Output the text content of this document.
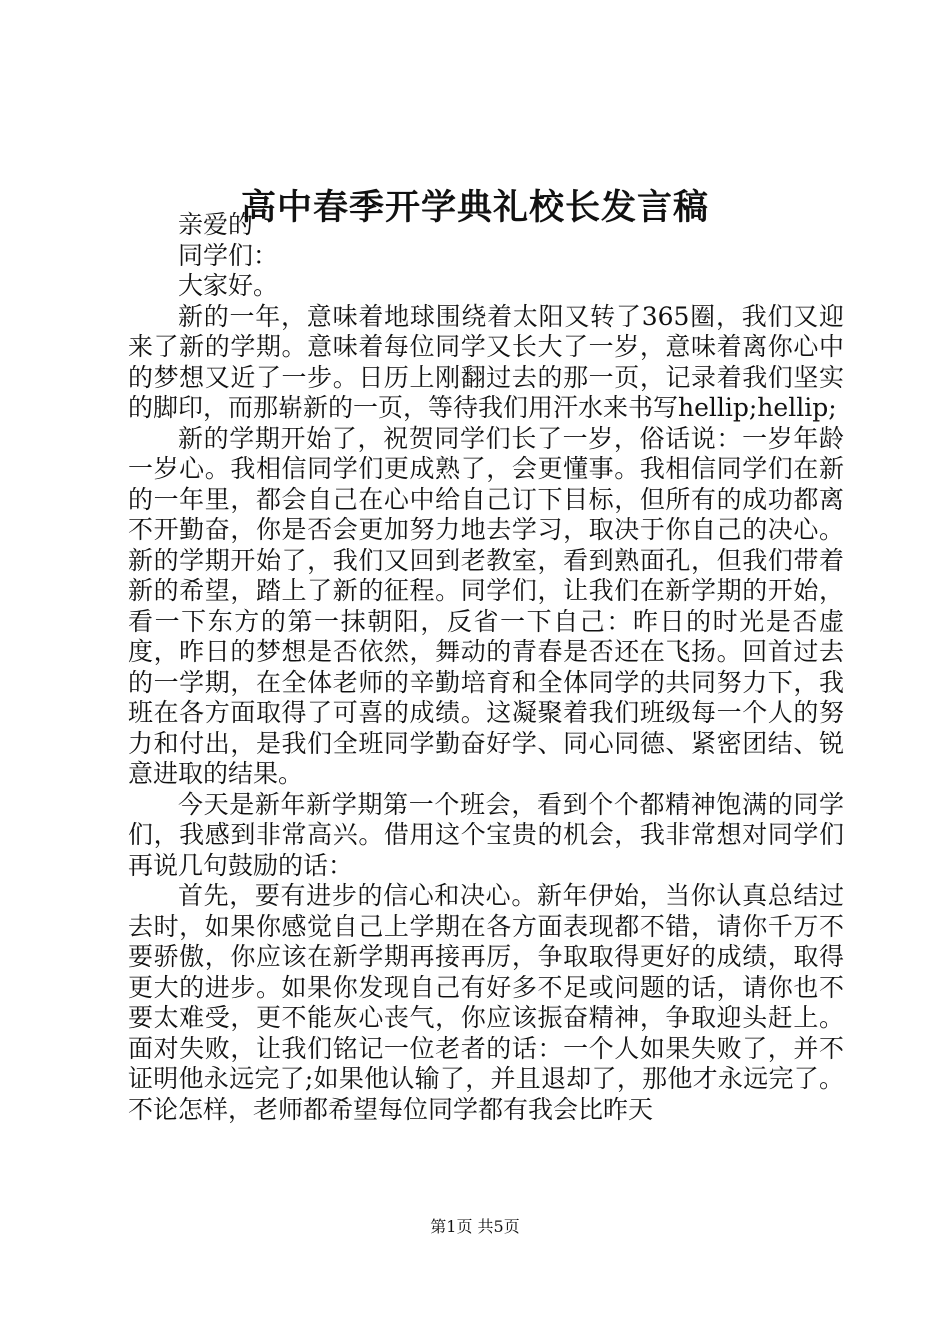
高中春季开学典礼校长发言稿

亲爱的

同学们：

大家好。

新的一年，意味着地球围绕着太阳又转了365圈，我们又迎来了新的学期。意味着每位同学又长大了一岁，意味着离你心中的梦想又近了一步。日历上刚翻过去的那一页，记录着我们坚实的脚印，而那崭新的一页，等待我们用汗水来书写hellip;hellip;

新的学期开始了，祝贺同学们长了一岁，俗话说：一岁年龄一岁心。我相信同学们更成熟了，会更懂事。我相信同学们在新的一年里，都会自己在心中给自己订下目标，但所有的成功都离不开勤奋，你是否会更加努力地去学习，取决于你自己的决心。新的学期开始了，我们又回到老教室，看到熟面孔，但我们带着新的希望，踏上了新的征程。同学们，让我们在新学期的开始，看一下东方的第一抹朝阳，反省一下自己：昨日的时光是否虚度，昨日的梦想是否依然，舞动的青春是否还在飞扬。回首过去的一学期，在全体老师的辛勤培育和全体同学的共同努力下，我班在各方面取得了可喜的成绩。这凝聚着我们班级每一个人的努力和付出，是我们全班同学勤奋好学、同心同德、紧密团结、锐意进取的结果。

今天是新年新学期第一个班会，看到个个都精神饱满的同学们，我感到非常高兴。借用这个宝贵的机会，我非常想对同学们再说几句鼓励的话：

首先，要有进步的信心和决心。新年伊始，当你认真总结过去时，如果你感觉自己上学期在各方面表现都不错，请你千万不要骄傲，你应该在新学期再接再厉，争取取得更好的成绩，取得更大的进步。如果你发现自己有好多不足或问题的话，请你也不要太难受，更不能灰心丧气，你应该振奋精神，争取迎头赶上。面对失败，让我们铭记一位老者的话：一个人如果失败了，并不证明他永远完了;如果他认输了，并且退却了，那他才永远完了。不论怎样，老师都希望每位同学都有我会比昨天

第1页 共5页
